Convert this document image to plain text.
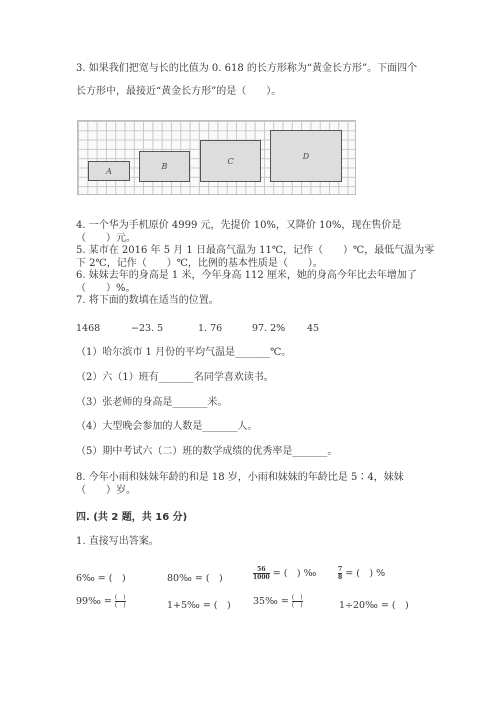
3. 如果我们把宽与长的比值为 0. 618 的长方形称为“黄金长方形”。下面四个
长方形中，最接近“黄金长方形”的是（　　）。
A	B
C
D
4. 一个华为手机原价 4999 元，先提价 10%，又降价 10%，现在售价是
（　　）元。
5. 某市在 2016 年 5 月 1 日最高气温为 11℃，记作（　　）℃，最低气温为零
下 2℃，记作（　　）℃，比例的基本性质是（　　）。
6. 妹妹去年的身高是 1 米，今年身高 112 厘米，她的身高今年比去年增加了
（　　）%。
7. 将下面的数填在适当的位置。
1468	−23. 5	1. 76	97. 2% 45
（1）哈尔滨市 1 月份的平均气温是_______℃。
（2）六（1）班有_______名同学喜欢读书。
（3）张老师的身高是_______米。
（4）大型晚会参加的人数是_______人。
（5）期中考试六（二）班的数学成绩的优秀率是_______。
8. 今年小雨和妹妹年龄的和是 18 岁，小雨和妹妹的年龄比是 5∶4，妹妹
（　　）岁。
四. (共 2 题，共 16 分)
1. 直接写出答案。
6‰ = (　)	80‰ = (　)	$\frac{56}{1000}$ = (　) ‰	$\frac{7}{8}$ = (　) %
99‰ = $\frac{( )}{( )}$	1+5‰ = (　) 35‰ = $\frac{( )}{( )}$	1÷20‰ = (　)
